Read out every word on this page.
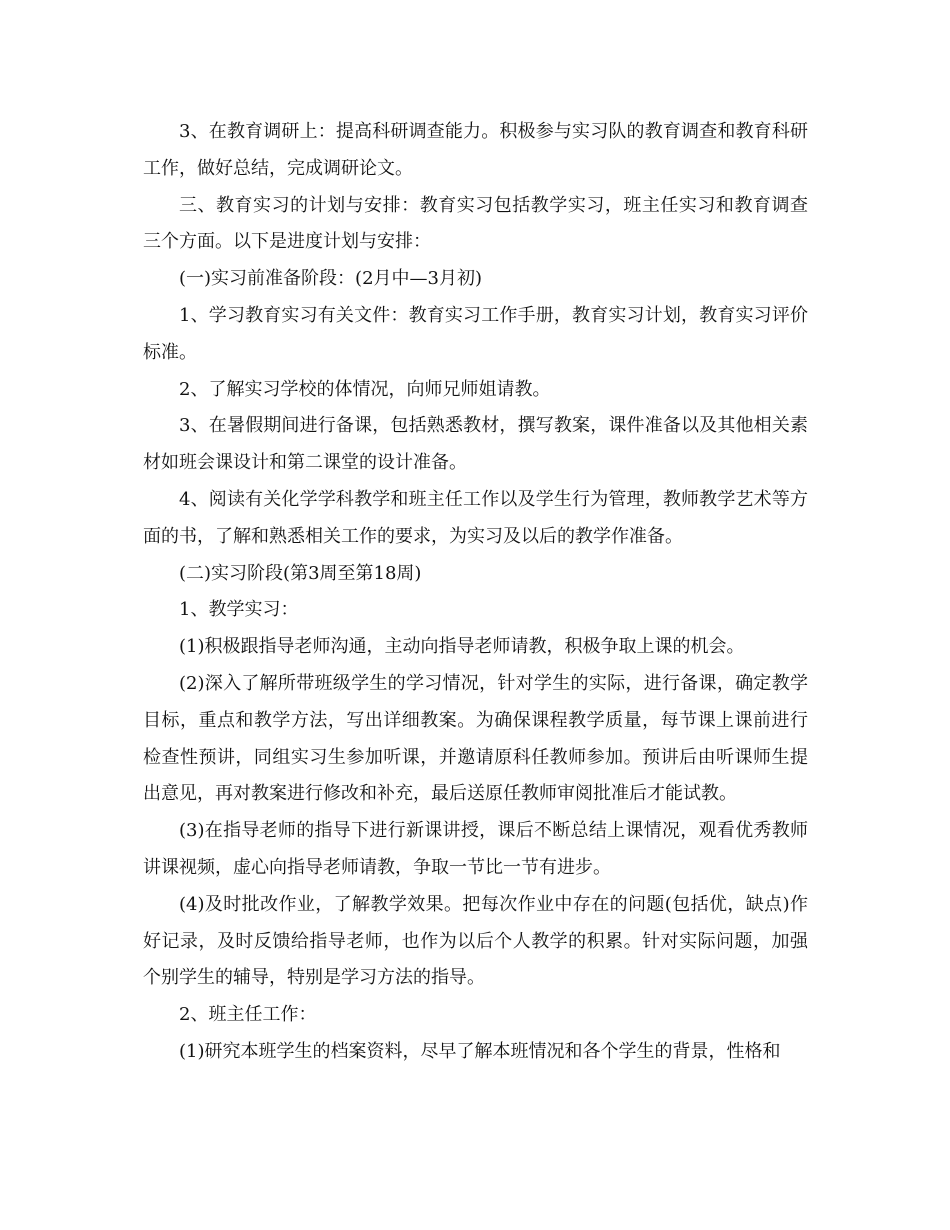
3、在教育调研上：提高科研调查能力。积极参与实习队的教育调查和教育科研工作，做好总结，完成调研论文。

三、教育实习的计划与安排：教育实习包括教学实习，班主任实习和教育调查三个方面。以下是进度计划与安排：

(一)实习前准备阶段：(2月中—3月初)

1、学习教育实习有关文件：教育实习工作手册，教育实习计划，教育实习评价标准。

2、了解实习学校的体情况，向师兄师姐请教。

3、在暑假期间进行备课，包括熟悉教材，撰写教案，课件准备以及其他相关素材如班会课设计和第二课堂的设计准备。

4、阅读有关化学学科教学和班主任工作以及学生行为管理，教师教学艺术等方面的书，了解和熟悉相关工作的要求，为实习及以后的教学作准备。

(二)实习阶段(第3周至第18周)

1、教学实习：

(1)积极跟指导老师沟通，主动向指导老师请教，积极争取上课的机会。

(2)深入了解所带班级学生的学习情况，针对学生的实际，进行备课，确定教学目标，重点和教学方法，写出详细教案。为确保课程教学质量，每节课上课前进行检查性预讲，同组实习生参加听课，并邀请原科任教师参加。预讲后由听课师生提出意见，再对教案进行修改和补充，最后送原任教师审阅批准后才能试教。

(3)在指导老师的指导下进行新课讲授，课后不断总结上课情况，观看优秀教师讲课视频，虚心向指导老师请教，争取一节比一节有进步。

(4)及时批改作业，了解教学效果。把每次作业中存在的问题(包括优，缺点)作好记录，及时反馈给指导老师，也作为以后个人教学的积累。针对实际问题，加强个别学生的辅导，特别是学习方法的指导。

2、班主任工作：

(1)研究本班学生的档案资料，尽早了解本班情况和各个学生的背景，性格和
